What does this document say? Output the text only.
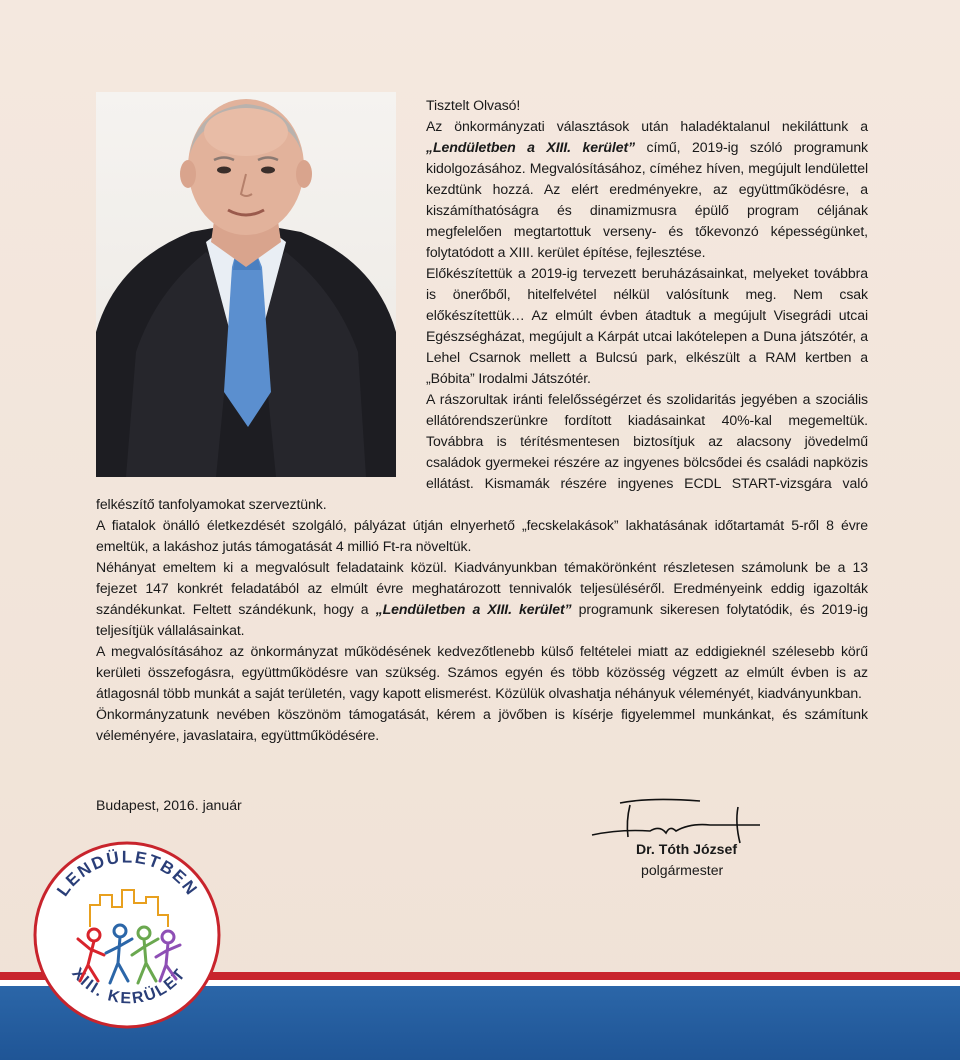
Tisztelt Olvasó!

Az önkormányzati választások után haladéktalanul nekiláttunk a „Lendületben a XIII. kerület” című, 2019-ig szóló programunk kidolgozásához. Megvalósításához, címéhez híven, megújult lendülettel kezdtünk hozzá. Az elért eredményekre, az együttműködésre, a kiszámíthatóságra és dinamizmusra épülő program céljának megfelelően megtartottuk verseny- és tőkevonzó képességünket, folytatódott a XIII. kerület építése, fejlesztése.

Előkészítettük a 2019-ig tervezett beruházásainkat, melyeket továbbra is önerőből, hitelfelvétel nélkül valósítunk meg. Nem csak előkészítettük… Az elmúlt évben átadtuk a megújult Visegrádi utcai Egészségházat, megújult a Kárpát utcai lakótelepen a Duna játszótér, a Lehel Csarnok mellett a Bulcsú park, elkészült a RAM kertben a „Bóbita” Irodalmi Játszótér.

A rászorultak iránti felelősségérzet és szolidaritás jegyében a szociális ellátórendszerünkre fordított kiadásainkat 40%-kal megemeltük. Továbbra is térítésmentesen biztosítjuk az alacsony jövedelmű családok gyermekei részére az ingyenes bölcsődei és családi napközis ellátást. Kismamák részére ingyenes ECDL START-vizsgára való felkészítő tanfolyamokat szerveztünk.

A fiatalok önálló életkezdését szolgáló, pályázat útján elnyerhető „fecskelakások” lakhatásának időtartamát 5-ről 8 évre emeltük, a lakáshoz jutás támogatását 4 millió Ft-ra növeltük.

Néhányat emeltem ki a megvalósult feladataink közül. Kiadványunkban témakörönként részletesen számolunk be a 13 fejezet 147 konkrét feladatából az elmúlt évre meghatározott tennivalók teljesüléséről. Eredményeink eddig igazolták szándékunkat. Feltett szándékunk, hogy a „Lendületben a XIII. kerület” programunk sikeresen folytatódik, és 2019-ig teljesítjük vállalásainkat.

A megvalósításához az önkormányzat működésének kedvezőtlenebb külső feltételei miatt az eddigieknél szélesebb körű kerületi összefogásra, együttműködésre van szükség. Számos egyén és több közösség végzett az elmúlt évben is az átlagosnál több munkát a saját területén, vagy kapott elismerést. Közülük olvashatja néhányuk véleményét, kiadványunkban.

Önkormányzatunk nevében köszönöm támogatását, kérem a jövőben is kísérje figyelemmel munkánkat, és számítunk véleményére, javaslataira, együttműködésére.

Budapest, 2016. január
Dr. Tóth József
polgármester
LENDÜLETBEN
XIII. KERÜLET
